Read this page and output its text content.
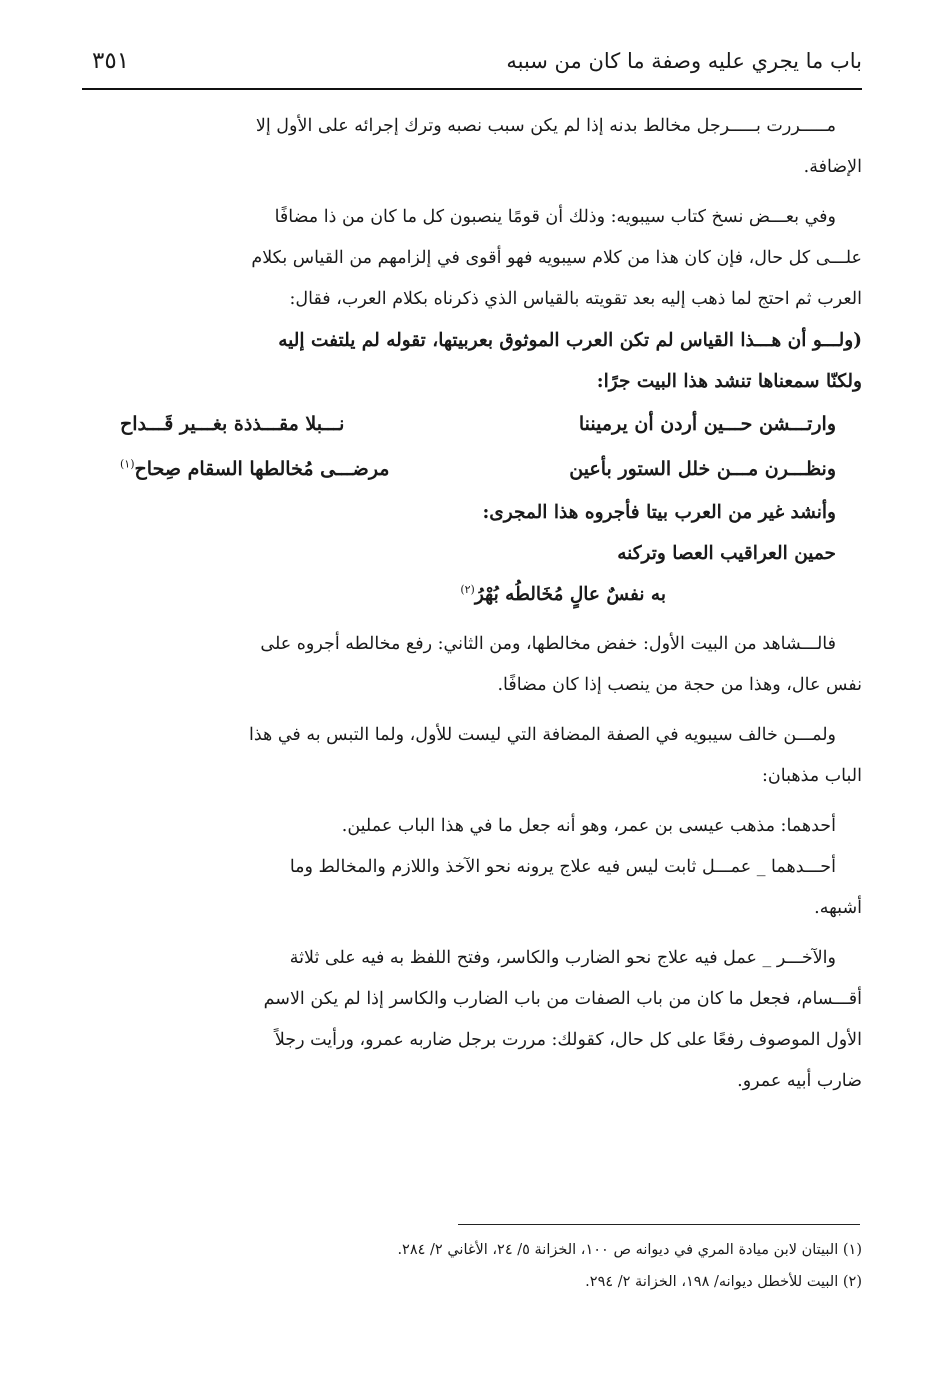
باب ما يجري عليه وصفة ما كان من سببه
٣٥١

مـــــررت بـــــرجل مخالط بدنه إذا لم يكن سبب نصبه وترك إجرائه على الأول إلا

الإضافة.

وفي بعـــض نسخ كتاب سيبويه: وذلك أن قومًا ينصبون كل ما كان من ذا مضافًا

علـــى كل حال، فإن كان هذا من كلام سيبويه فهو أقوى في إلزامهم من القياس بكلام

العرب ثم احتج لما ذهب إليه بعد تقويته بالقياس الذي ذكرناه بكلام العرب، فقال:

(ولـــو أن هـــذا القياس لم تكن العرب الموثوق بعربيتها، تقوله لم يلتفت إليه

ولكنّا سمعناها تنشد هذا البيت جرًا:

وارتـــشن حـــين أردن أن يرميننا
نـــبلا مقـــذذة بغـــير قَـــداح
ونظـــرن مـــن خلل الستور بأعين
مرضـــى مُخالطها السقام صِحاح$^{(١)}$

وأنشد غير من العرب بيتا فأجروه هذا المجرى:

حمين العراقيب العصا وتركنه

به نفسٌ عالٍ مُخَالطُه بُهْرُ$^{(٢)}$

فالـــشاهد من البيت الأول: خفض مخالطها، ومن الثاني: رفع مخالطه أجروه على

نفس عال، وهذا من حجة من ينصب إذا كان مضافًا.

ولمـــن خالف سيبويه في الصفة المضافة التي ليست للأول، ولما التبس به في هذا

الباب مذهبان:

أحدهما: مذهب عيسى بن عمر، وهو أنه جعل ما في هذا الباب عملين.

أحـــدهما _ عمـــل ثابت ليس فيه علاج يرونه نحو الآخذ واللازم والمخالط وما

أشبهه.

والآخـــر _ عمل فيه علاج نحو الضارب والكاسر، وفتح اللفظ به فيه على ثلاثة

أقـــسام، فجعل ما كان من باب الصفات من باب الضارب والكاسر إذا لم يكن الاسم

الأول الموصوف رفعًا على كل حال، كقولك: مررت برجل ضاربه عمرو، ورأيت رجلاً

ضارب أبيه عمرو.

(١) البيتان لابن ميادة المري في ديوانه ص ١٠٠، الخزانة ٥/ ٢٤، الأغاني ٢/ ٢٨٤.

(٢) البيت للأخطل ديوانه/ ١٩٨، الخزانة ٢/ ٢٩٤.
